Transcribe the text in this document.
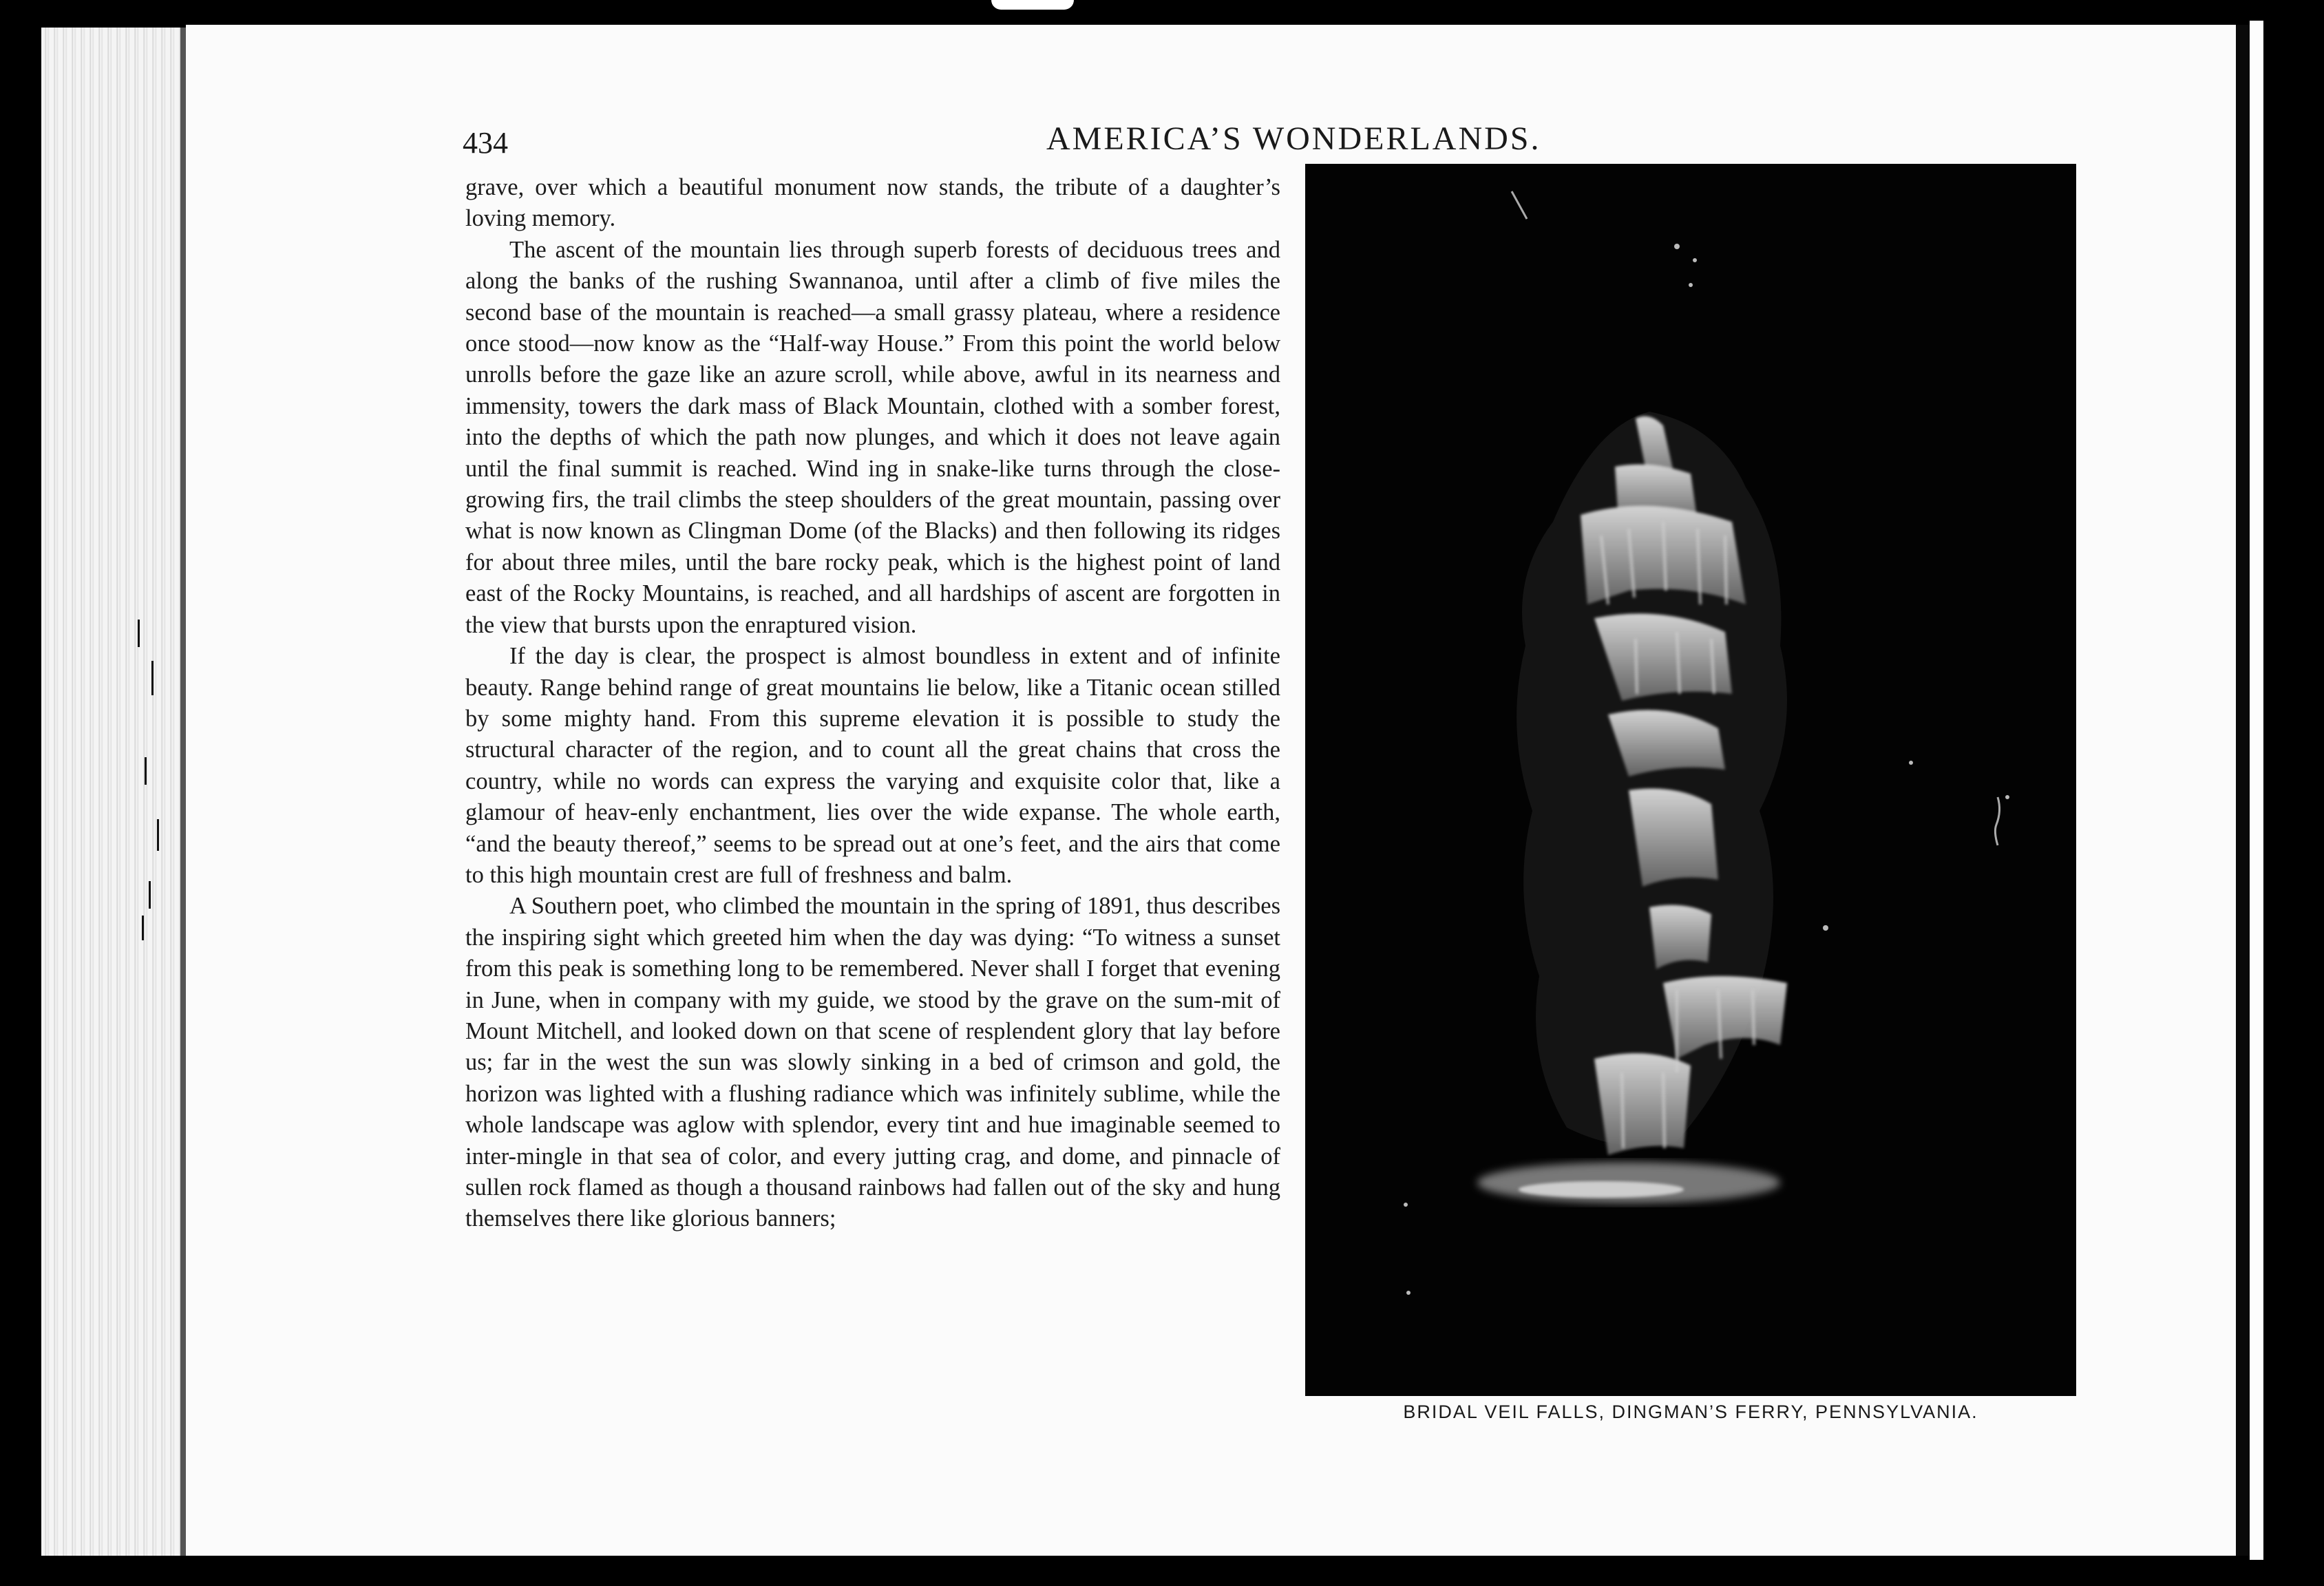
434	AMERICA’S WONDERLANDS.

grave, over which a beautiful monument now stands, the tribute of a daughter’s loving memory.

The ascent of the mountain lies through superb forests of deciduous trees and along the banks of the rushing Swannanoa, until after a climb of five miles the second base of the mountain is reached—a small grassy plateau, where a residence once stood—now know as the “Half-way House.” From this point the world below unrolls before the gaze like an azure scroll, while above, awful in its nearness and immensity, towers the dark mass of Black Mountain, clothed with a somber forest, into the depths of which the path now plunges, and which it does not leave again until the final summit is reached. Wind ing in snake-like turns through the close-growing firs, the trail climbs the steep shoulders of the great mountain, passing over what is now known as Clingman Dome (of the Blacks) and then following its ridges for about three miles, until the bare rocky peak, which is the highest point of land east of the Rocky Mountains, is reached, and all hardships of ascent are forgotten in the view that bursts upon the enraptured vision.

If the day is clear, the prospect is almost boundless in extent and of infinite beauty. Range behind range of great mountains lie below, like a Titanic ocean stilled by some mighty hand. From this supreme elevation it is possible to study the structural character of the region, and to count all the great chains that cross the country, while no words can express the varying and exquisite color that, like a glamour of heav-enly enchantment, lies over the wide expanse. The whole earth, “and the beauty thereof,” seems to be spread out at one’s feet, and the airs that come to this high mountain crest are full of freshness and balm.

A Southern poet, who climbed the mountain in the spring of 1891, thus describes the inspiring sight which greeted him when the day was dying: “To witness a sunset from this peak is something long to be remembered. Never shall I forget that evening in June, when in company with my guide, we stood by the grave on the sum-mit of Mount Mitchell, and looked down on that scene of resplendent glory that lay before us; far in the west the sun was slowly sinking in a bed of crimson and gold, the horizon was lighted with a flushing radiance which was infinitely sublime, while the whole landscape was aglow with splendor, every tint and hue imaginable seemed to inter-mingle in that sea of color, and every jutting crag, and dome, and pinnacle of sullen rock flamed as though a thousand rainbows had fallen out of the sky and hung themselves there like glorious banners;

BRIDAL VEIL FALLS, DINGMAN’S FERRY, PENNSYLVANIA.
